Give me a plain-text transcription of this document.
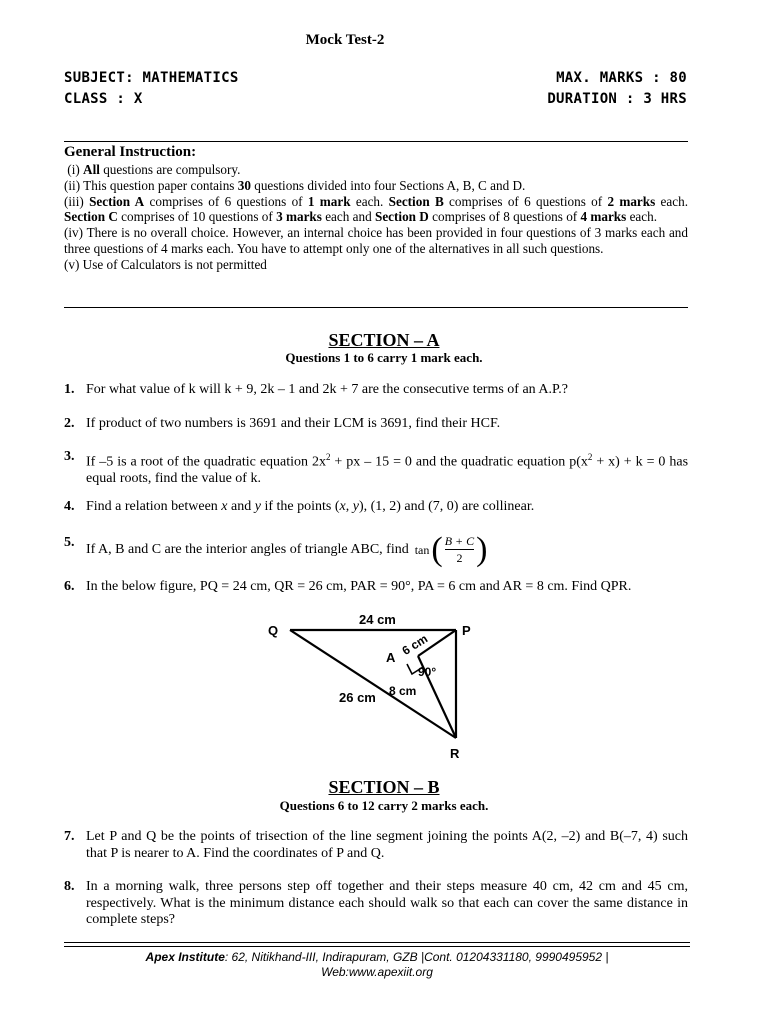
Mock Test-2
SUBJECT: MATHEMATICS	MAX. MARKS : 80
CLASS : X	DURATION : 3 HRS
General Instruction:

(i) All questions are compulsory.

(ii) This question paper contains 30 questions divided into four Sections A, B, C and D.

(iii) Section A comprises of 6 questions of 1 mark each. Section B comprises of 6 questions of 2 marks each. Section C comprises of 10 questions of 3 marks each and Section D comprises of 8 questions of 4 marks each.

(iv) There is no overall choice. However, an internal choice has been provided in four questions of 3 marks each and three questions of 4 marks each. You have to attempt only one of the alternatives in all such questions.

(v) Use of Calculators is not permitted

SECTION – A
Questions 1 to 6 carry 1 mark each.
1. For what value of k will k + 9, 2k – 1 and 2k + 7 are the consecutive terms of an A.P.?
2. If product of two numbers is 3691 and their LCM is 3691, find their HCF.
3. If –5 is a root of the quadratic equation $2x^2$ + px – 15 = 0 and the quadratic equation $p(x^2 + x) + k = 0$ has equal roots, find the value of k.
4. Find a relation between x and y if the points (x, y), (1, 2) and (7, 0) are collinear.
5. If A, B and C are the interior angles of triangle ABC, find tan ( B + C
2 )
6. In the below figure, PQ = 24 cm, QR = 26 cm, PAR = 90°, PA = 6 cm and AR = 8 cm. Find QPR.
Q	P
A
R
24 cm
6 cm
90°
8 cm
26 cm
SECTION – B
Questions 6 to 12 carry 2 marks each.
7. Let P and Q be the points of trisection of the line segment joining the points A(2, –2) and B(–7, 4) such that P is nearer to A. Find the coordinates of P and Q.
8. In a morning walk, three persons step off together and their steps measure 40 cm, 42 cm and 45 cm, respectively. What is the minimum distance each should walk so that each can cover the same distance in complete steps?
Apex Institute: 62, Nitikhand-III, Indirapuram, GZB |Cont. 01204331180, 9990495952 |
Web:www.apexiit.org
